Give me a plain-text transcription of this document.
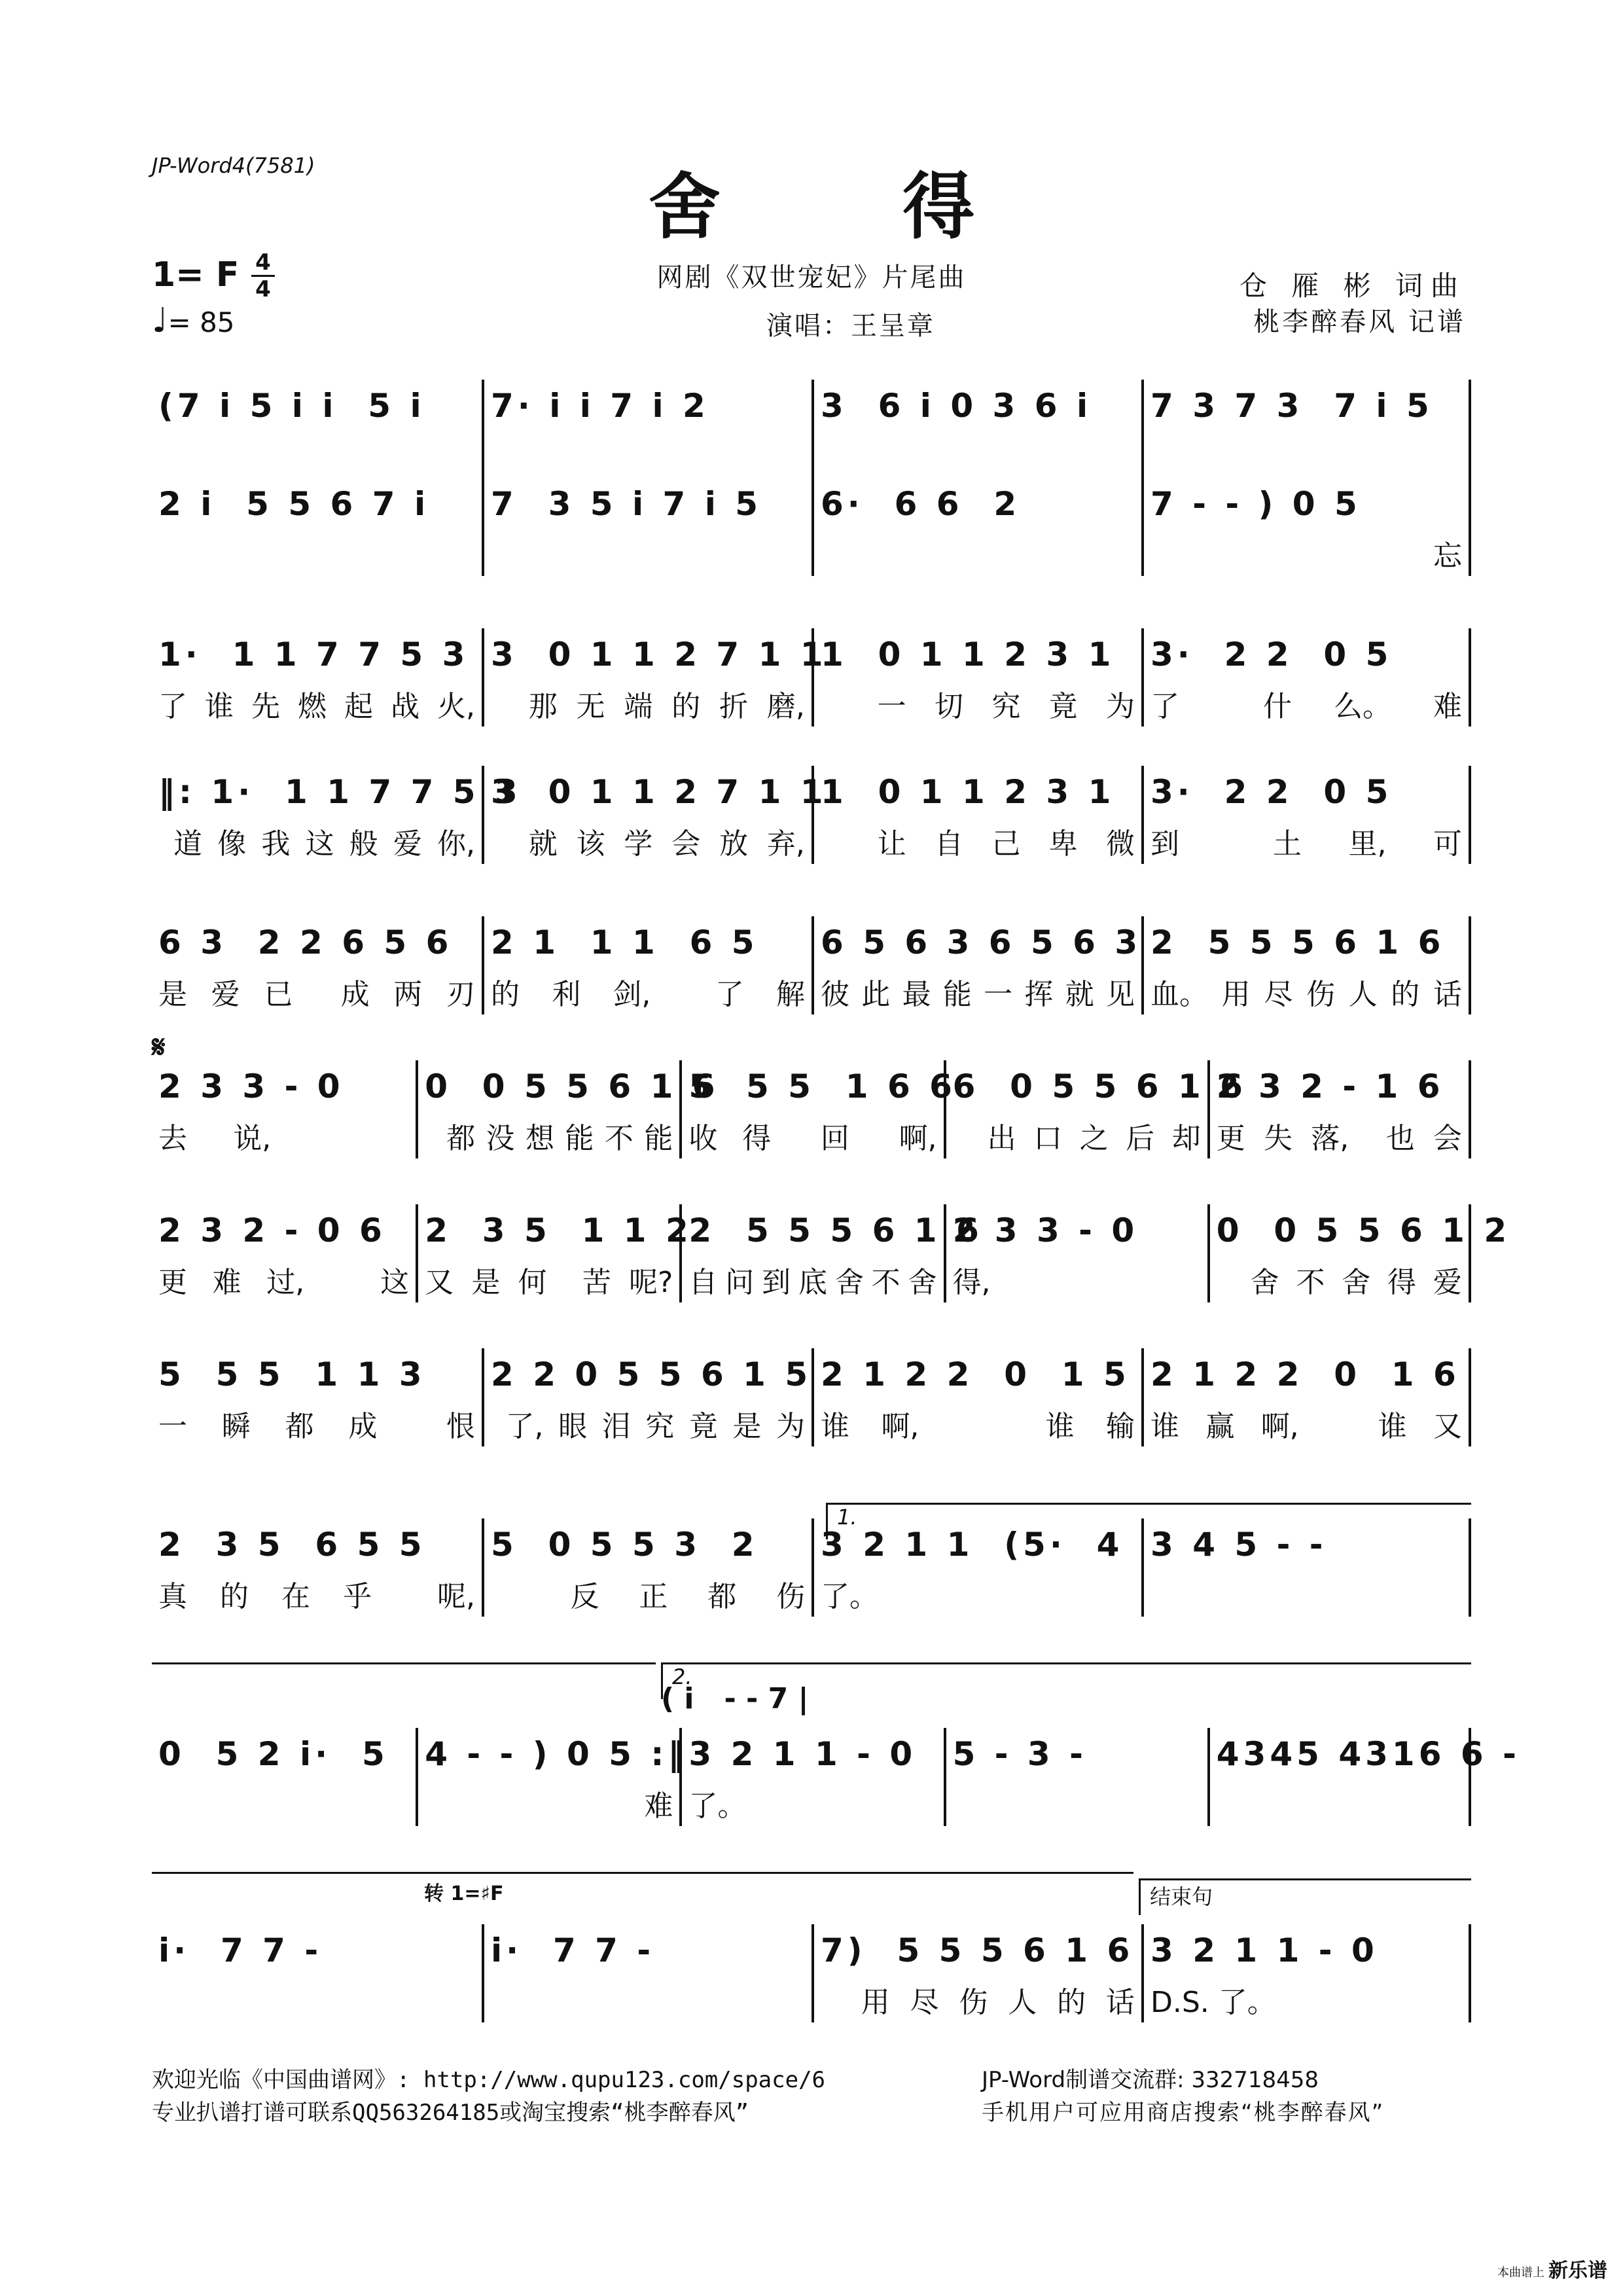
JP-Word4(7581)	舍 得
1= F 4
4
♩= 85
网剧《双世宠妃》片尾曲
演唱：王呈章
仓 雁 彬 词曲
桃李醉春风 记谱
𝄋
1.
2.
( i   - - 7 |
转 1=♯F	结束句
(7 i 5 i i  5 i	7· i i 7 i 2	3  6 i 0 3 6 i	7 3 7 3  7 i 5
2 i  5 5 6 7 i	7  3 5 i 7 i 5	6·  6 6  2	7 - - ) 0 5
忘
1·  1 1 7 7 5 3
了 谁 先 燃 起 战 火,
3  0 1 1 2 7 1 1
那 无 端 的 折 磨,
1  0 1 1 2 3 1
一 切 究 竟 为
3·  2 2  0 5
了	什 么。 难
‖: 1·  1 1 7 7 5 3
道 像 我 这 般 爱 你,
3  0 1 1 2 7 1 1
就 该 学 会 放 弃,
1  0 1 1 2 3 1
让 自 己 卑 微
3·  2 2  0 5
到	土 里, 可
6 3  2 2 6 5 6
是 爱 已 成 两 刃
2 1  1 1  6 5
的 利 剑, 了 解
6 5 6 3 6 5 6 3
彼 此 最 能 一 挥 就 见
2  5 5 5 6 1 6
血。 用 尽 伤 人 的 话
2 3 3 - 0
去 说,
0  0 5 5 6 1 6
都 没 想 能 不 能
5  5 5  1 6 6
收 得 回 啊,
6  0 5 5 6 1 6
出 口 之 后 却
2 3 2 - 1 6
更 失 落, 也 会
2 3 2 - 0 6
更 难 过,	这
2  3 5  1 1 2
又 是 何 苦 呢?
2  5 5 5 6 1 6
自 问 到 底 舍 不 舍
2 3 3 - 0
得,
0  0 5 5 6 1 2
舍 不 舍 得 爱
5  5 5  1 1 3
一 瞬 都 成 恨
2 2 0 5 5 6 1 5
了, 眼 泪 究 竟 是 为
2 1 2 2  0  1 5
谁 啊,	谁 输
2 1 2 2  0  1 6
谁 赢 啊,	谁 又
2  3 5  6 5 5
真 的 在 乎 呢,
5  0 5 5 3  2
反 正 都 伤
3 2 1 1  (5·  4
了。
3 4 5 - -
0  5 2 i·  5	4 - - ) 0 5 :‖
难
3 2 1 1 - 0
了。
5 - 3 -	4345 4316 6 -
i·  7 7 -	i·  7 7 -	7)  5 5 5 6 1 6
用 尽 伤 人 的 话
3 2 1 1 - 0
D.S. 了。
欢迎光临《中国曲谱网》: http://www.qupu123.com/space/6
专业扒谱打谱可联系QQ563264185或淘宝搜索“桃李醉春风”
JP-Word制谱交流群: 332718458
手机用户可应用商店搜索“桃李醉春风”
本曲谱上 新乐谱
